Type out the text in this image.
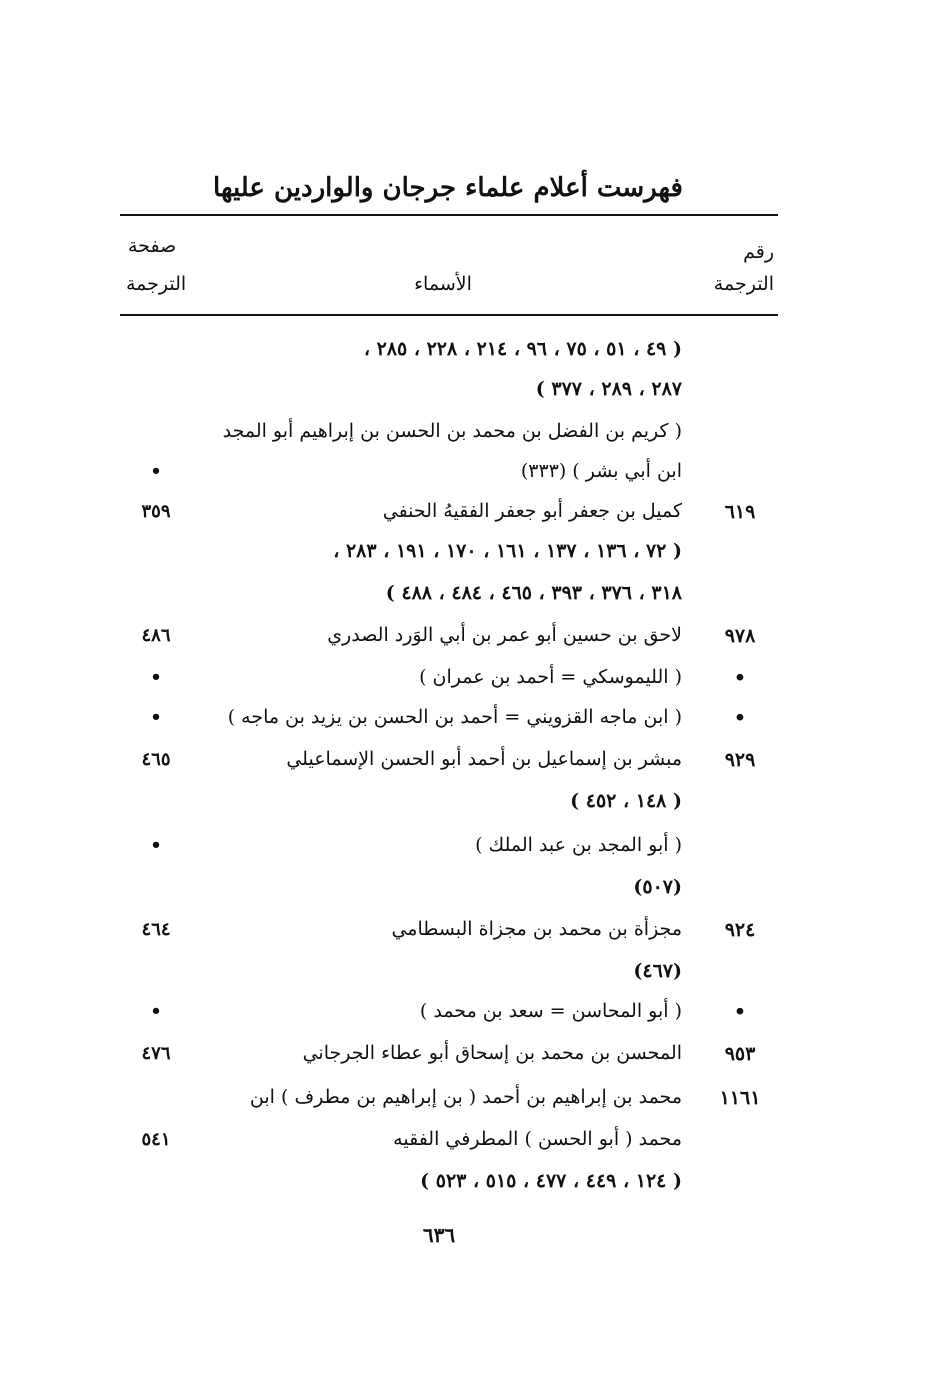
فهرست أعلام علماء جرجان والواردين عليها
رقم
الترجمة
الأسماء
صفحة
الترجمة
( ٤٩ ، ٥١ ، ٧٥ ، ٩٦ ، ٢١٤ ، ٢٢٨ ، ٢٨٥ ،
٢٨٧ ، ٢٨٩ ، ٣٧٧ )
( كريم بن الفضل بن محمد بن الحسن بن إبراهيم أبو المجد
ابن أبي بشر ) (٣٣٣)
•
٦١٩
كميل بن جعفر أبو جعفر الفقيهُ الحنفي
٣٥٩
( ٧٢ ، ١٣٦ ، ١٣٧ ، ١٦١ ، ١٧٠ ، ١٩١ ، ٢٨٣ ،
٣١٨ ، ٣٧٦ ، ٣٩٣ ، ٤٦٥ ، ٤٨٤ ، ٤٨٨ )
٩٧٨
لاحق بن حسين أبو عمر بن أبي الوَرد الصدري
٤٨٦
•
( الليموسكي = أحمد بن عمران )
•
•
( ابن ماجه القزويني = أحمد بن الحسن بن يزيد بن ماجه )
•
٩٢٩
مبشر بن إسماعيل بن أحمد أبو الحسن الإسماعيلي
٤٦٥
( ١٤٨ ، ٤٥٢ )
( أبو المجد بن عبد الملك )
•
(٥٠٧)
٩٢٤
مجزأة بن محمد بن مجزاة البسطامي
٤٦٤
(٤٦٧)
•
( أبو المحاسن = سعد بن محمد )
•
٩٥٣
المحسن بن محمد بن إسحاق أبو عطاء الجرجاني
٤٧٦
١١٦١
محمد بن إبراهيم بن أحمد ( بن إبراهيم بن مطرف ) ابن
محمد ( أبو الحسن ) المطرفي الفقيه
٥٤١
( ١٢٤ ، ٤٤٩ ، ٤٧٧ ، ٥١٥ ، ٥٢٣ )
٦٣٦
